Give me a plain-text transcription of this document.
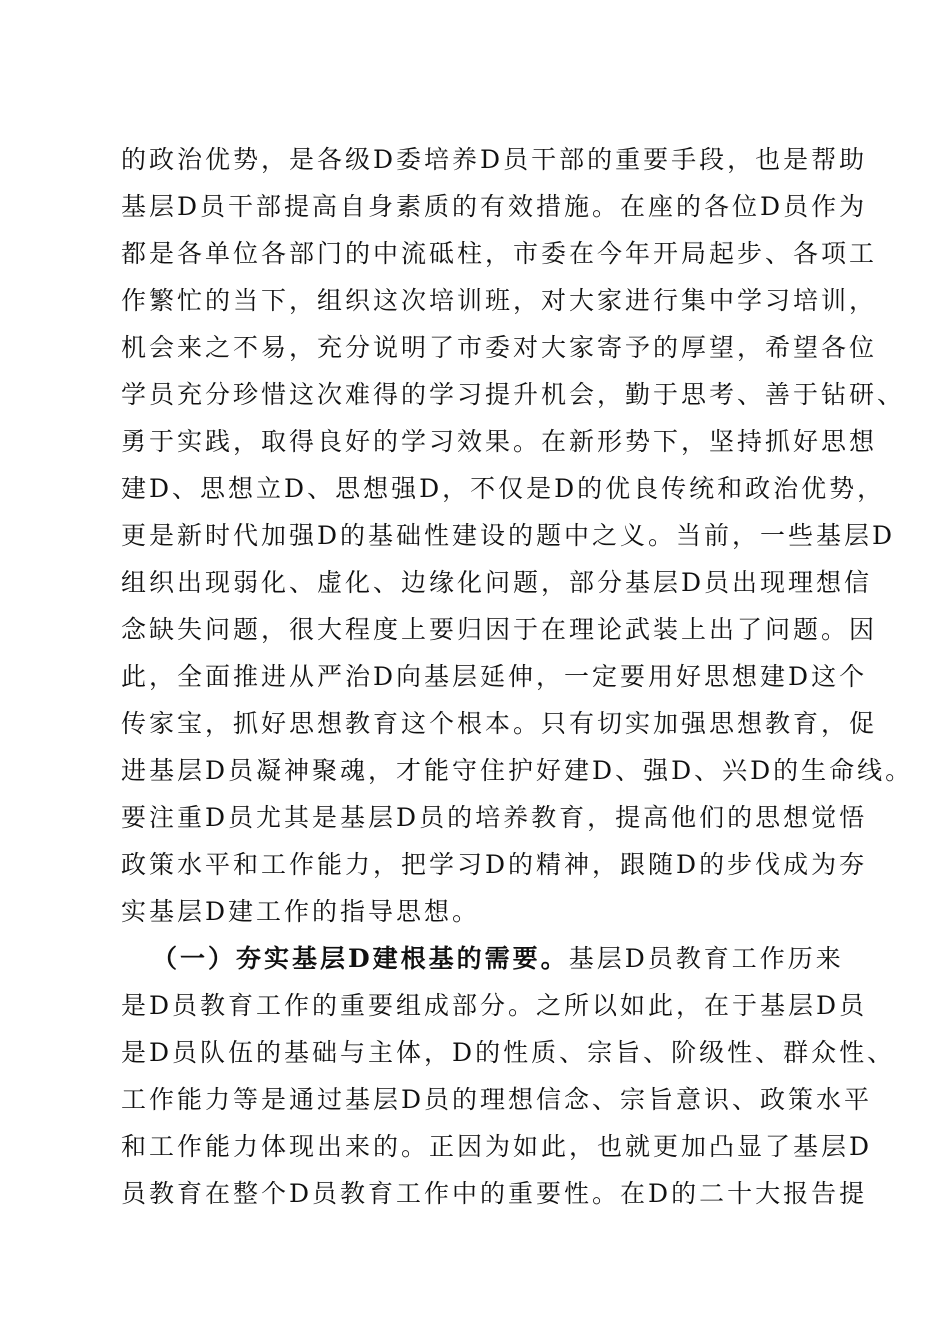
的政治优势，是各级D委培养D员干部的重要手段，也是帮助
基层D员干部提高自身素质的有效措施。在座的各位D员作为
都是各单位各部门的中流砥柱，市委在今年开局起步、各项工
作繁忙的当下，组织这次培训班，对大家进行集中学习培训，
机会来之不易，充分说明了市委对大家寄予的厚望，希望各位
学员充分珍惜这次难得的学习提升机会，勤于思考、善于钻研、
勇于实践，取得良好的学习效果。在新形势下，坚持抓好思想
建D、思想立D、思想强D，不仅是D的优良传统和政治优势，
更是新时代加强D的基础性建设的题中之义。当前，一些基层D
组织出现弱化、虚化、边缘化问题，部分基层D员出现理想信
念缺失问题，很大程度上要归因于在理论武装上出了问题。因
此，全面推进从严治D向基层延伸，一定要用好思想建D这个
传家宝，抓好思想教育这个根本。只有切实加强思想教育，促
进基层D员凝神聚魂，才能守住护好建D、强D、兴D的生命线。
要注重D员尤其是基层D员的培养教育，提高他们的思想觉悟
政策水平和工作能力，把学习D的精神，跟随D的步伐成为夯
实基层D建工作的指导思想。
（一）夯实基层D建根基的需要。基层D员教育工作历来
是D员教育工作的重要组成部分。之所以如此，在于基层D员
是D员队伍的基础与主体，D的性质、宗旨、阶级性、群众性、
工作能力等是通过基层D员的理想信念、宗旨意识、政策水平
和工作能力体现出来的。正因为如此，也就更加凸显了基层D
员教育在整个D员教育工作中的重要性。在D的二十大报告提
